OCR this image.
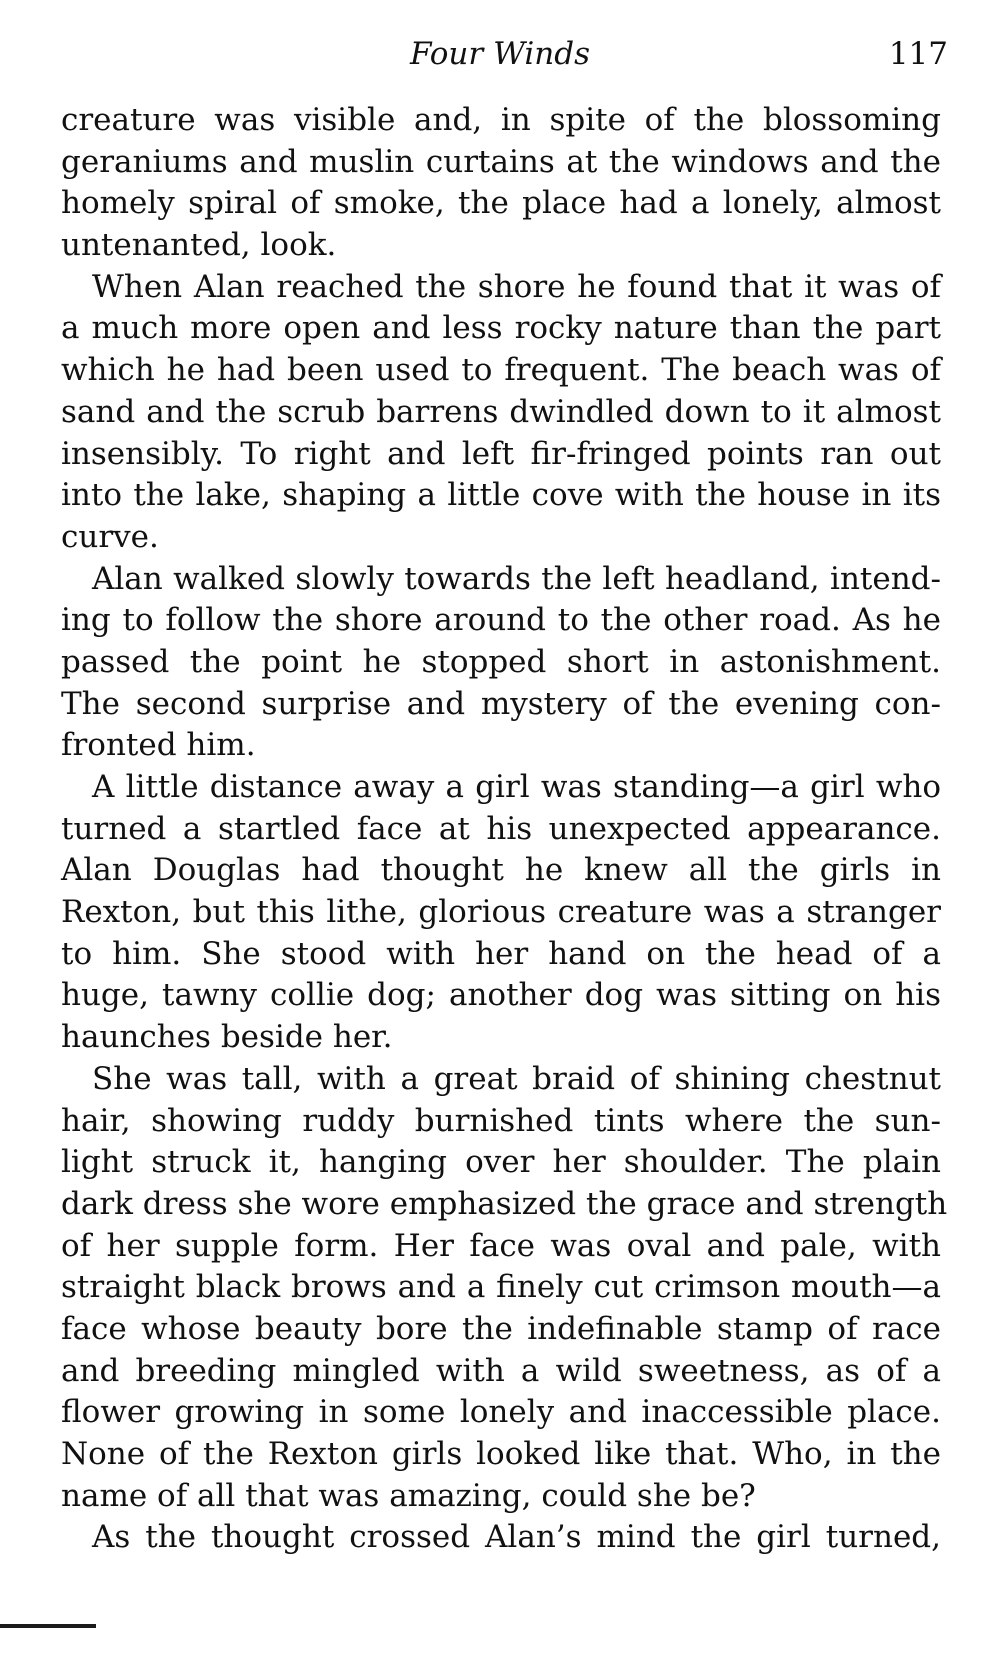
Four Winds	117
creature was visible and, in spite of the blossoming
geraniums and muslin curtains at the windows and the
homely spiral of smoke, the place had a lonely, almost
untenanted, look.
When Alan reached the shore he found that it was of
a much more open and less rocky nature than the part
which he had been used to frequent. The beach was of
sand and the scrub barrens dwindled down to it almost
insensibly. To right and left fir-fringed points ran out
into the lake, shaping a little cove with the house in its
curve.
Alan walked slowly towards the left headland, intend-
ing to follow the shore around to the other road. As he
passed the point he stopped short in astonishment.
The second surprise and mystery of the evening con-
fronted him.
A little distance away a girl was standing—a girl who
turned a startled face at his unexpected appearance.
Alan Douglas had thought he knew all the girls in
Rexton, but this lithe, glorious creature was a stranger
to him. She stood with her hand on the head of a
huge, tawny collie dog; another dog was sitting on his
haunches beside her.
She was tall, with a great braid of shining chestnut
hair, showing ruddy burnished tints where the sun-
light struck it, hanging over her shoulder. The plain
dark dress she wore emphasized the grace and strength
of her supple form. Her face was oval and pale, with
straight black brows and a finely cut crimson mouth—a
face whose beauty bore the indefinable stamp of race
and breeding mingled with a wild sweetness, as of a
flower growing in some lonely and inaccessible place.
None of the Rexton girls looked like that. Who, in the
name of all that was amazing, could she be?
As the thought crossed Alan’s mind the girl turned,
